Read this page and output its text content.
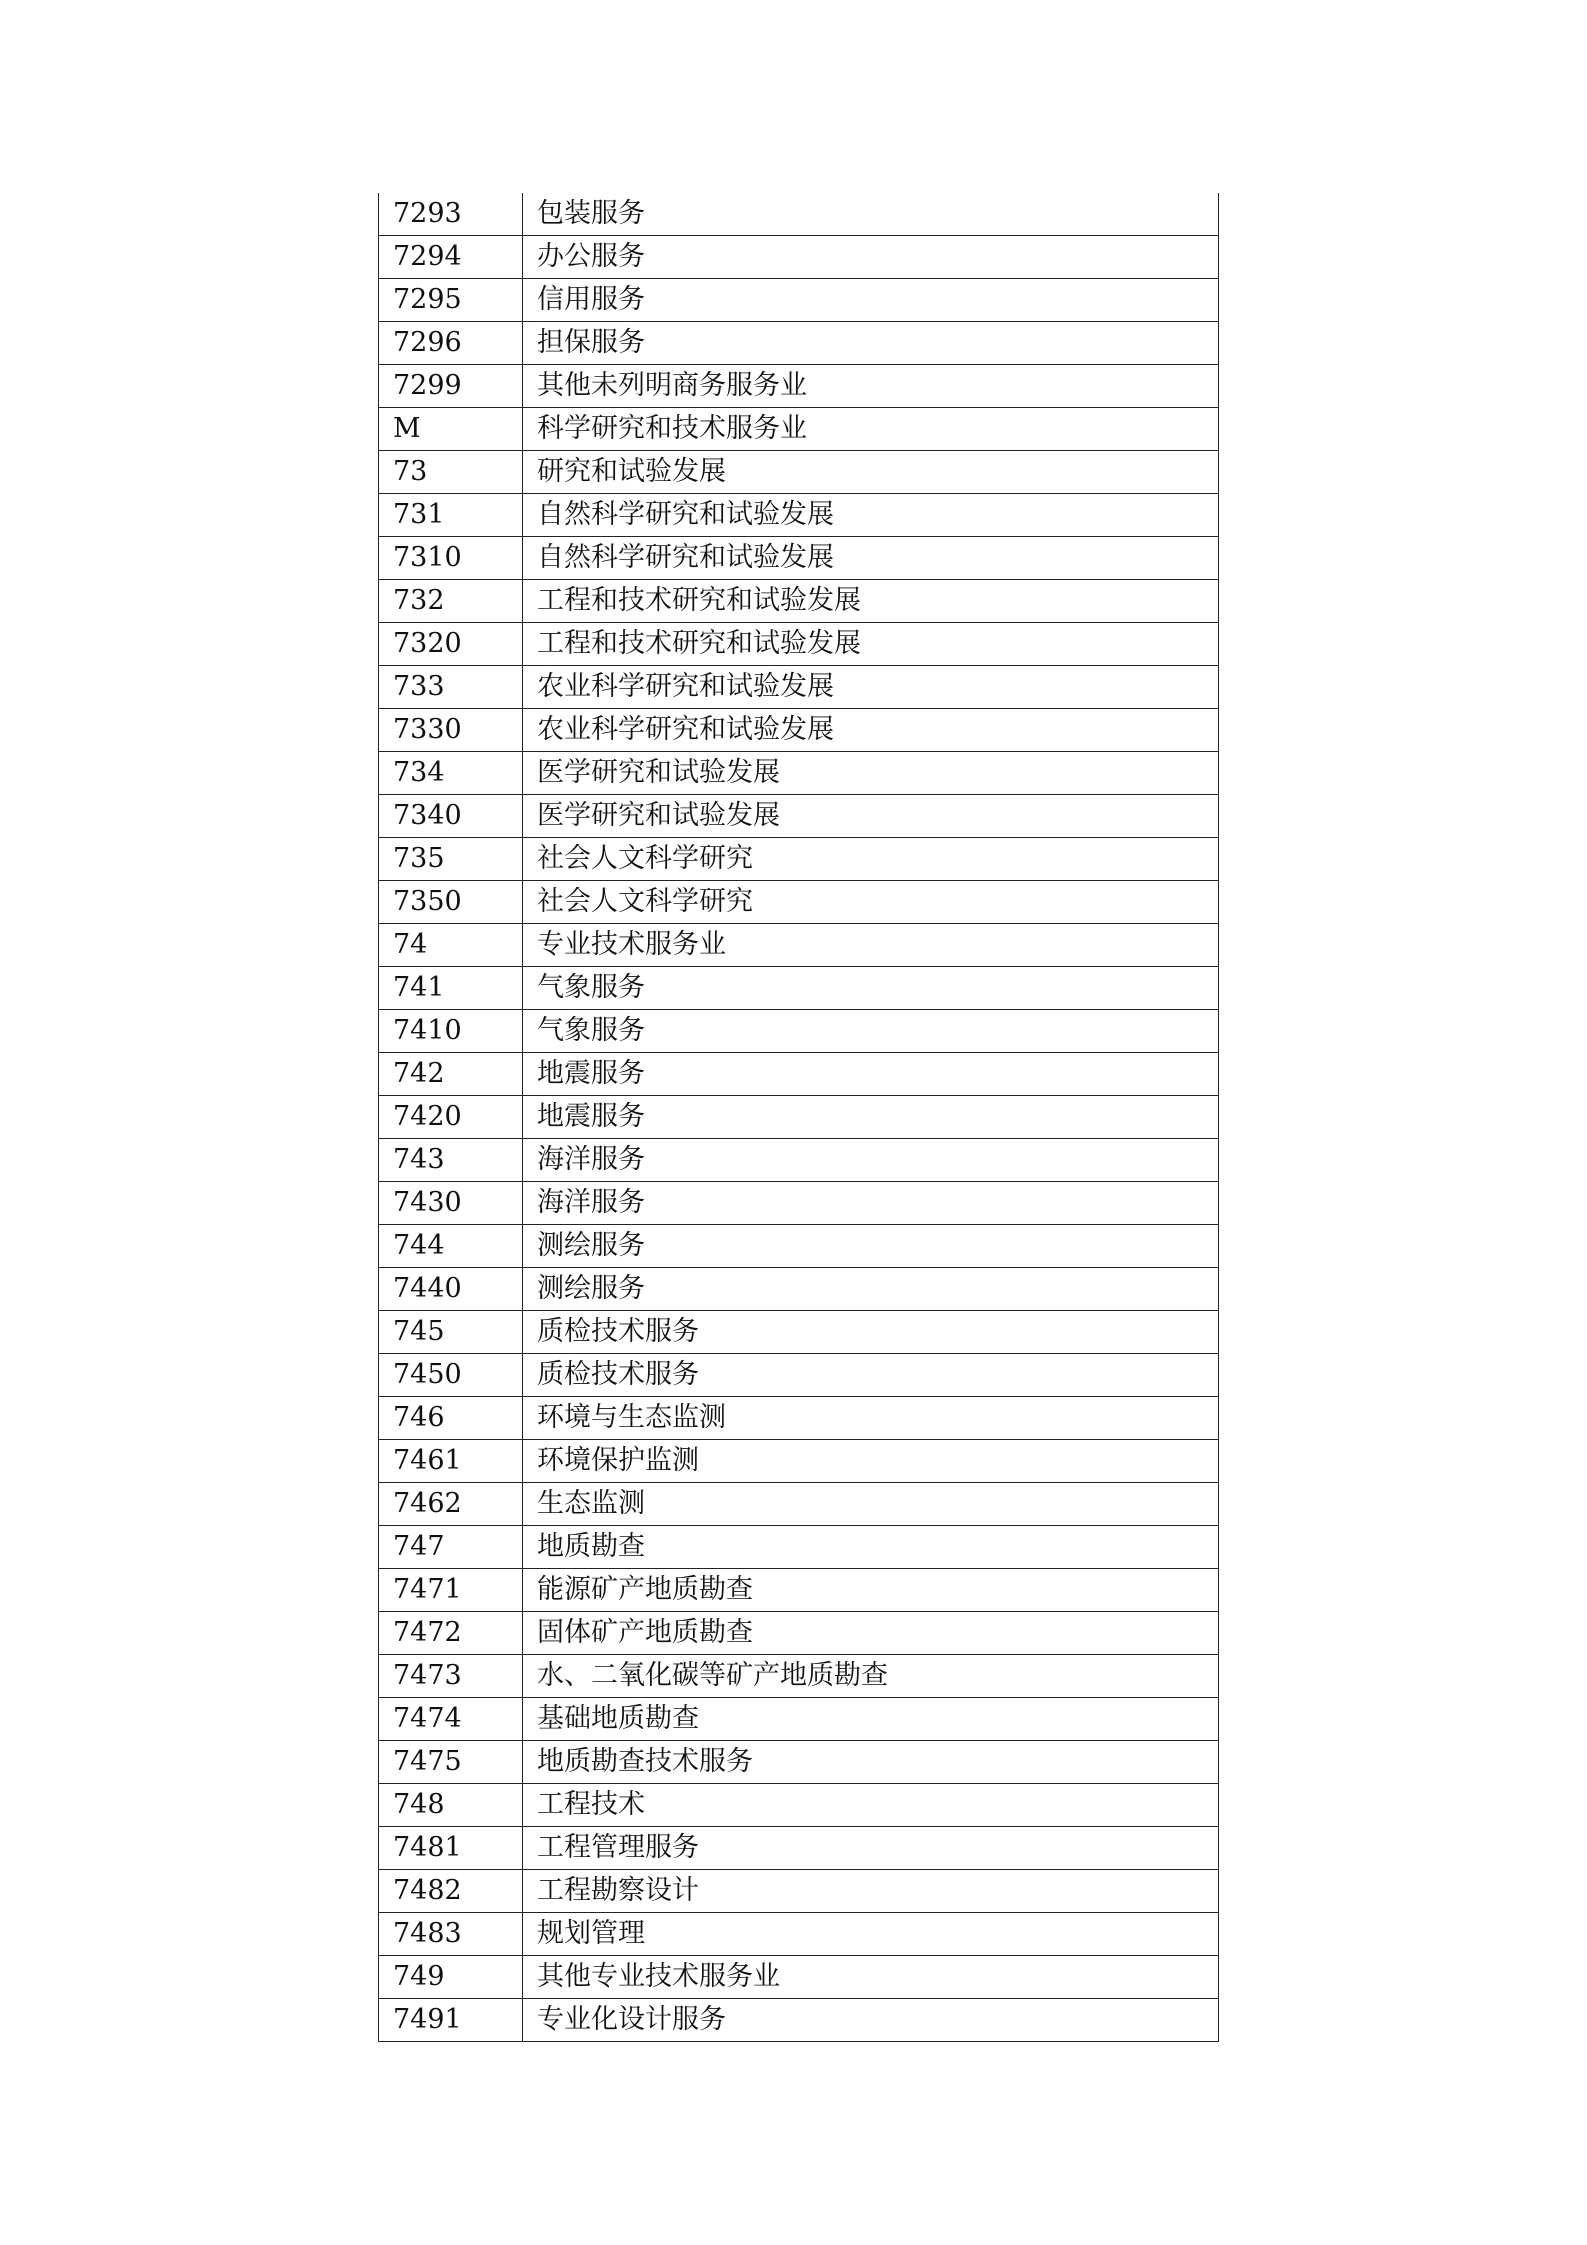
7293	包装服务
7294	办公服务
7295	信用服务
7296	担保服务
7299	其他未列明商务服务业
M	科学研究和技术服务业
73	研究和试验发展
731	自然科学研究和试验发展
7310	自然科学研究和试验发展
732	工程和技术研究和试验发展
7320	工程和技术研究和试验发展
733	农业科学研究和试验发展
7330	农业科学研究和试验发展
734	医学研究和试验发展
7340	医学研究和试验发展
735	社会人文科学研究
7350	社会人文科学研究
74	专业技术服务业
741	气象服务
7410	气象服务
742	地震服务
7420	地震服务
743	海洋服务
7430	海洋服务
744	测绘服务
7440	测绘服务
745	质检技术服务
7450	质检技术服务
746	环境与生态监测
7461	环境保护监测
7462	生态监测
747	地质勘查
7471	能源矿产地质勘查
7472	固体矿产地质勘查
7473	水、二氧化碳等矿产地质勘查
7474	基础地质勘查
7475	地质勘查技术服务
748	工程技术
7481	工程管理服务
7482	工程勘察设计
7483	规划管理
749	其他专业技术服务业
7491	专业化设计服务
